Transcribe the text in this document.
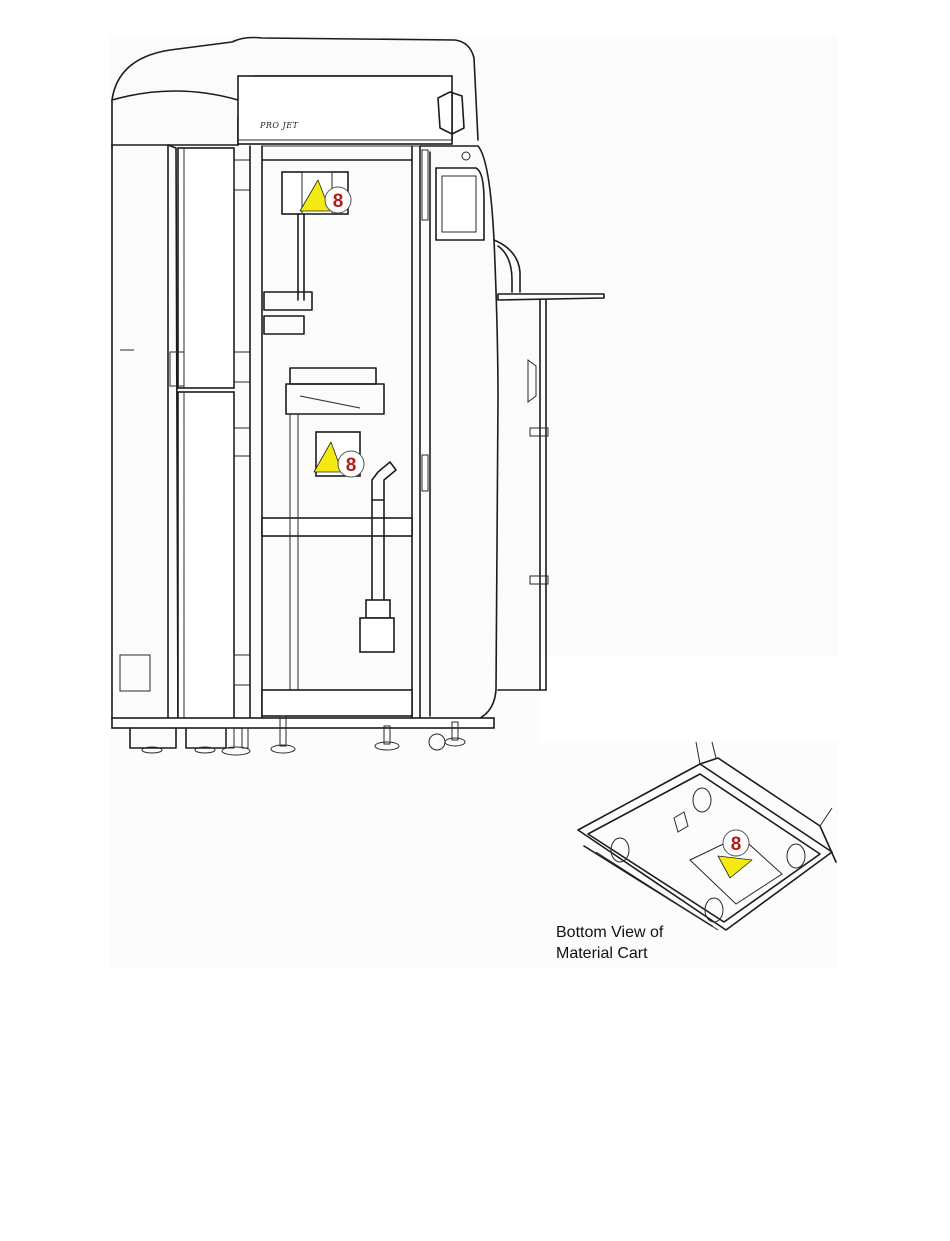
PRO JET
8
8
8
Bottom View of
Material Cart
